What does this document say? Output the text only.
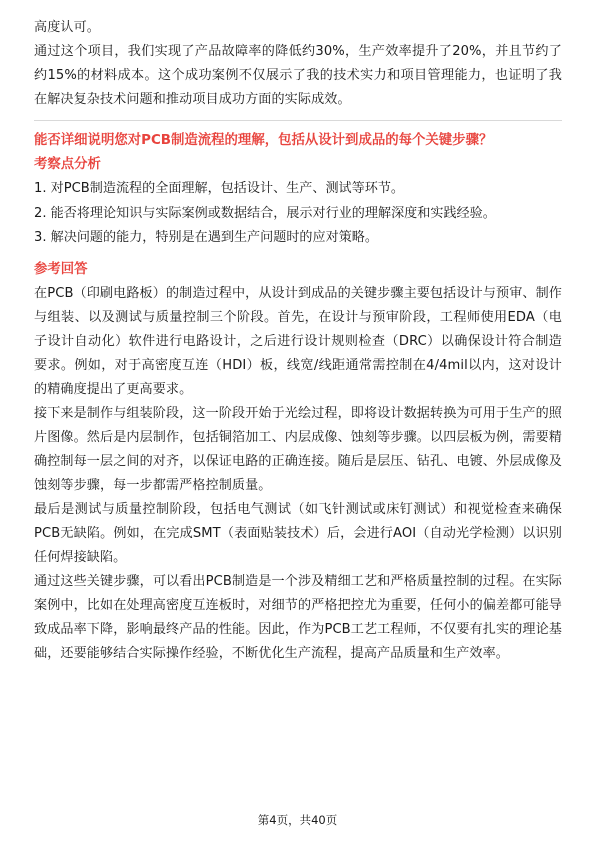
高度认可。

通过这个项目，我们实现了产品故障率的降低约30%，生产效率提升了20%，并且节约了约15%的材料成本。这个成功案例不仅展示了我的技术实力和项目管理能力，也证明了我在解决复杂技术问题和推动项目成功方面的实际成效。

能否详细说明您对PCB制造流程的理解，包括从设计到成品的每个关键步骤？

考察点分析

1. 对PCB制造流程的全面理解，包括设计、生产、测试等环节。

2. 能否将理论知识与实际案例或数据结合，展示对行业的理解深度和实践经验。

3. 解决问题的能力，特别是在遇到生产问题时的应对策略。

参考回答

在PCB（印刷电路板）的制造过程中，从设计到成品的关键步骤主要包括设计与预审、制作与组装、以及测试与质量控制三个阶段。首先，在设计与预审阶段，工程师使用EDA（电子设计自动化）软件进行电路设计，之后进行设计规则检查（DRC）以确保设计符合制造要求。例如，对于高密度互连（HDI）板，线宽/线距通常需控制在4/4mil以内，这对设计的精确度提出了更高要求。

接下来是制作与组装阶段，这一阶段开始于光绘过程，即将设计数据转换为可用于生产的照片图像。然后是内层制作，包括铜箔加工、内层成像、蚀刻等步骤。以四层板为例，需要精确控制每一层之间的对齐，以保证电路的正确连接。随后是层压、钻孔、电镀、外层成像及蚀刻等步骤，每一步都需严格控制质量。

最后是测试与质量控制阶段，包括电气测试（如飞针测试或床钉测试）和视觉检查来确保PCB无缺陷。例如，在完成SMT（表面贴装技术）后，会进行AOI（自动光学检测）以识别任何焊接缺陷。

通过这些关键步骤，可以看出PCB制造是一个涉及精细工艺和严格质量控制的过程。在实际案例中，比如在处理高密度互连板时，对细节的严格把控尤为重要，任何小的偏差都可能导致成品率下降，影响最终产品的性能。因此，作为PCB工艺工程师，不仅要有扎实的理论基础，还要能够结合实际操作经验，不断优化生产流程，提高产品质量和生产效率。

第4页，共40页
